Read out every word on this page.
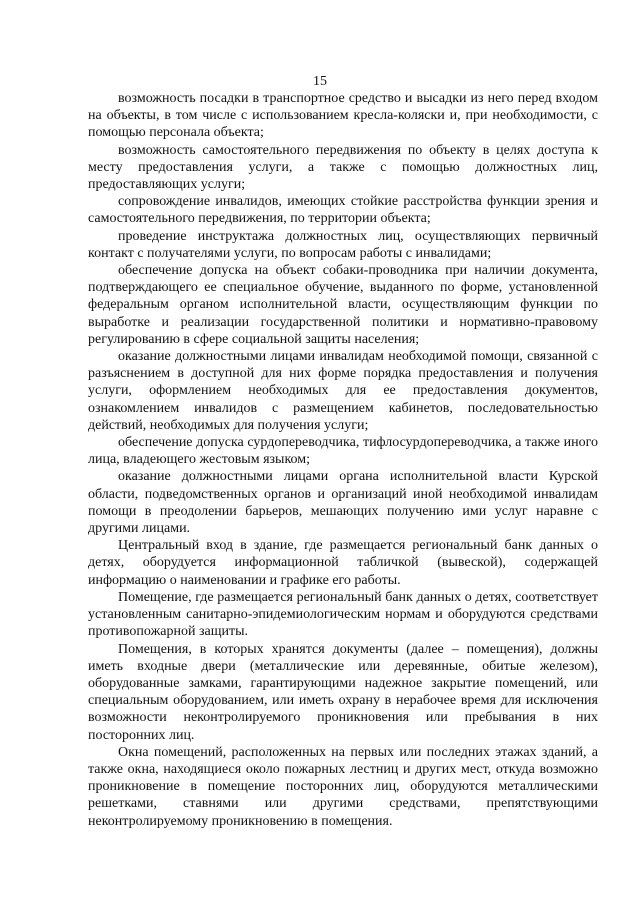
15

возможность посадки в транспортное средство и высадки из него перед входом на объекты, в том числе с использованием кресла-коляски и, при необходимости, с помощью персонала объекта;

возможность самостоятельного передвижения по объекту в целях доступа к месту предоставления услуги, а также с помощью должностных лиц, предоставляющих услуги;

сопровождение инвалидов, имеющих стойкие расстройства функции зрения и самостоятельного передвижения, по территории объекта;

проведение инструктажа должностных лиц, осуществляющих первичный контакт с получателями услуги, по вопросам работы с инвалидами;

обеспечение допуска на объект собаки-проводника при наличии документа, подтверждающего ее специальное обучение, выданного по форме, установленной федеральным органом исполнительной власти, осуществляющим функции по выработке и реализации государственной политики и нормативно-правовому регулированию в сфере социальной защиты населения;

оказание должностными лицами инвалидам необходимой помощи, связанной с разъяснением в доступной для них форме порядка предоставления и получения услуги, оформлением необходимых для ее предоставления документов, ознакомлением инвалидов с размещением кабинетов, последовательностью действий, необходимых для получения услуги;

обеспечение допуска сурдопереводчика, тифлосурдопереводчика, а также иного лица, владеющего жестовым языком;

оказание должностными лицами органа исполнительной власти Курской области, подведомственных органов и организаций иной необходимой инвалидам помощи в преодолении барьеров, мешающих получению ими услуг наравне с другими лицами.

Центральный вход в здание, где размещается региональный банк данных о детях, оборудуется информационной табличкой (вывеской), содержащей информацию о наименовании и графике его работы.

Помещение, где размещается региональный банк данных о детях, соответствует установленным санитарно-эпидемиологическим нормам и оборудуются средствами противопожарной защиты.

Помещения, в которых хранятся документы (далее – помещения), должны иметь входные двери (металлические или деревянные, обитые железом), оборудованные замками, гарантирующими надежное закрытие помещений, или специальным оборудованием, или иметь охрану в нерабочее время для исключения возможности неконтролируемого проникновения или пребывания в них посторонних лиц.

Окна помещений, расположенных на первых или последних этажах зданий, а также окна, находящиеся около пожарных лестниц и других мест, откуда возможно проникновение в помещение посторонних лиц, оборудуются металлическими решетками, ставнями или другими средствами, препятствующими неконтролируемому проникновению в помещения.
